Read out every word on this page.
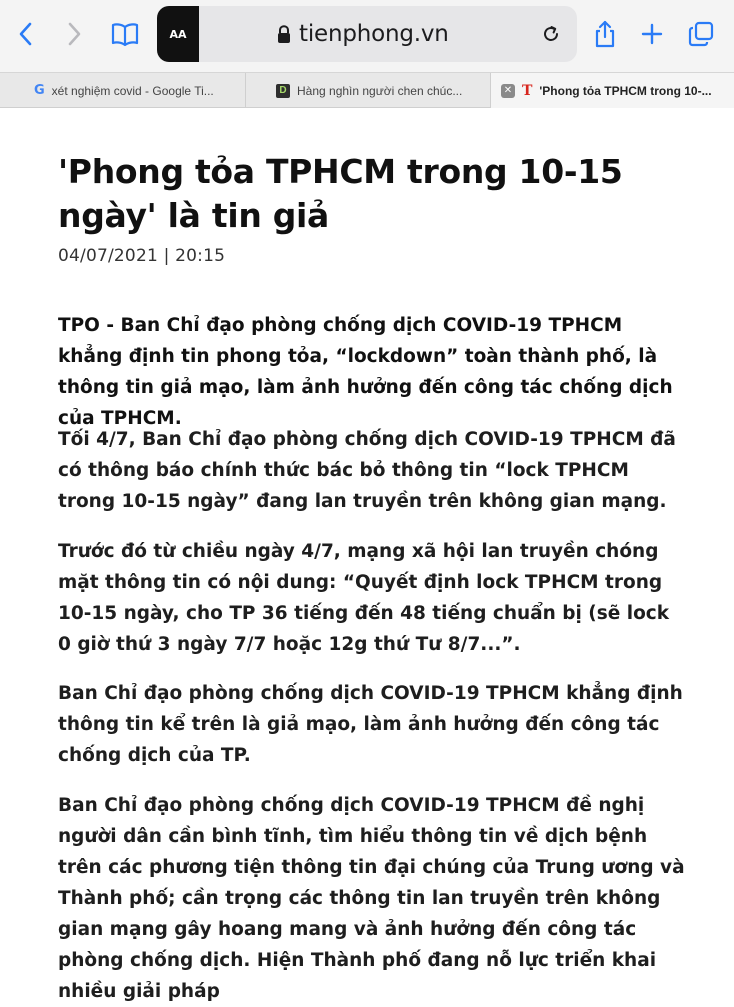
AA	tienphong.vn
G xét nghiệm covid - Google Ti...	D Hàng nghìn người chen chúc...	✕ T 'Phong tỏa TPHCM trong 10-...
'Phong tỏa TPHCM trong 10-15 ngày' là tin giả
04/07/2021 | 20:15

TPO - Ban Chỉ đạo phòng chống dịch COVID-19 TPHCM khẳng định tin phong tỏa, “lockdown” toàn thành phố, là thông tin giả mạo, làm ảnh hưởng đến công tác chống dịch của TPHCM.

Tối 4/7, Ban Chỉ đạo phòng chống dịch COVID-19 TPHCM đã có thông báo chính thức bác bỏ thông tin “lock TPHCM trong 10-15 ngày” đang lan truyền trên không gian mạng.

Trước đó từ chiều ngày 4/7, mạng xã hội lan truyền chóng mặt thông tin có nội dung: “Quyết định lock TPHCM trong 10-15 ngày, cho TP 36 tiếng đến 48 tiếng chuẩn bị (sẽ lock 0 giờ thứ 3 ngày 7/7 hoặc 12g thứ Tư 8/7...”.

Ban Chỉ đạo phòng chống dịch COVID-19 TPHCM khẳng định thông tin kể trên là giả mạo, làm ảnh hưởng đến công tác chống dịch của TP.

Ban Chỉ đạo phòng chống dịch COVID-19 TPHCM đề nghị người dân cần bình tĩnh, tìm hiểu thông tin về dịch bệnh trên các phương tiện thông tin đại chúng của Trung ương và Thành phố; cần trọng các thông tin lan truyền trên không gian mạng gây hoang mang và ảnh hưởng đến công tác phòng chống dịch. Hiện Thành phố đang nỗ lực triển khai nhiều giải pháp
